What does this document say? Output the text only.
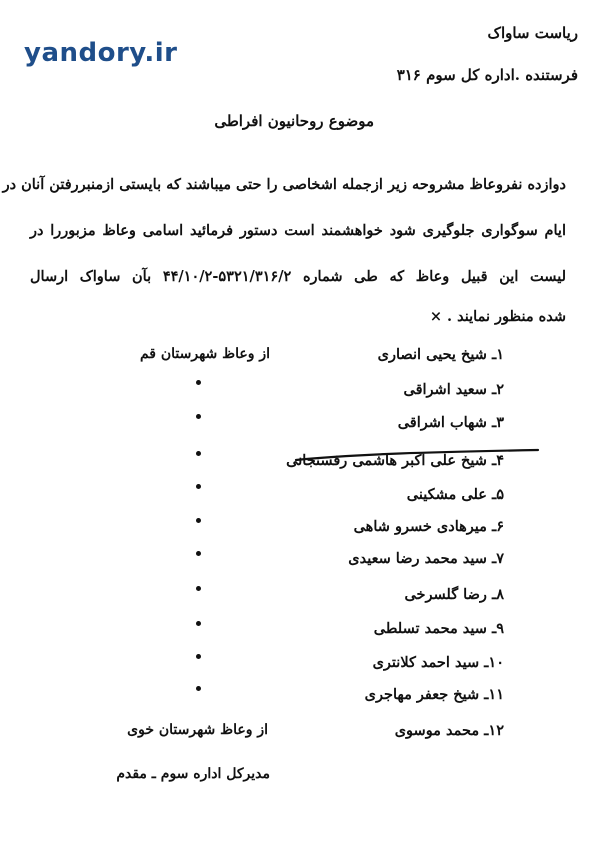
yandory.ir
ریاست ساواک
فرستنده .اداره کل سوم ۳۱۶
موضوع روحانیون افراطی
دوازده نفروعاظ مشروحه زیر ازجمله اشخاصی را حتی میباشند که بایستی ازمنبررفتن آنان در
ایام سوگواری جلوگیری شود خواهشمند است دستور فرمائید اسامی وعاظ مزبوررا در
لیست این قبیل وعاظ که طی شماره ۵۳۲۱/۳۱۶/۲-۴۴/۱۰/۲ بآن ساواک ارسال
شده منظور نمایند . ×
از وعاظ شهرستان قم
از وعاظ شهرستان خوی
مدیرکل اداره سوم ـ مقدم
۱ـ شیخ یحیی انصاری
۲ـ سعید اشراقی
۳ـ شهاب اشراقی
۴ـ شیخ علی اکبر هاشمی رفسنجانی
۵ـ علی مشکینی
۶ـ میرهادی خسرو شاهی
۷ـ سید محمد رضا سعیدی
۸ـ رضا گلسرخی
۹ـ سید محمد تسلطی
۱۰ـ سید احمد کلانتری
۱۱ـ شیخ جعفر مهاجری
۱۲ـ محمد موسوی
